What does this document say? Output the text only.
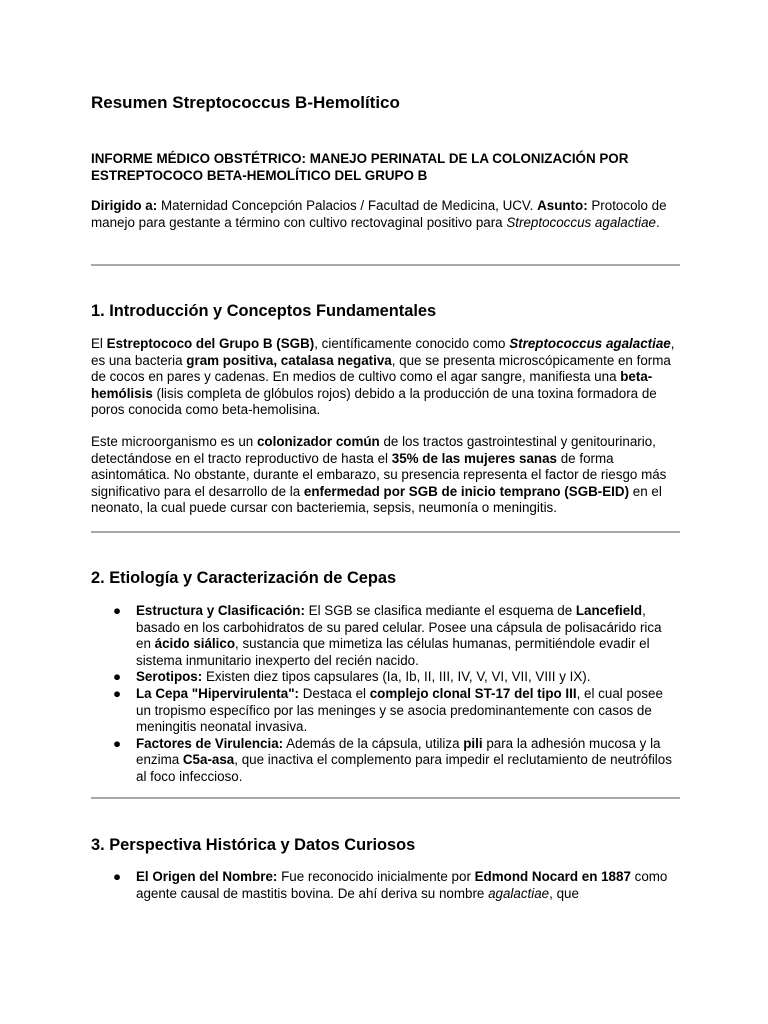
Resumen Streptococcus B-Hemolítico

INFORME MÉDICO OBSTÉTRICO: MANEJO PERINATAL DE LA COLONIZACIÓN POR ESTREPTOCOCO BETA-HEMOLÍTICO DEL GRUPO B

Dirigido a: Maternidad Concepción Palacios / Facultad de Medicina, UCV. Asunto: Protocolo de manejo para gestante a término con cultivo rectovaginal positivo para Streptococcus agalactiae.

1. Introducción y Conceptos Fundamentales

El Estreptococo del Grupo B (SGB), científicamente conocido como Streptococcus agalactiae, es una bacteria gram positiva, catalasa negativa, que se presenta microscópicamente en forma de cocos en pares y cadenas. En medios de cultivo como el agar sangre, manifiesta una beta-hemólisis (lisis completa de glóbulos rojos) debido a la producción de una toxina formadora de poros conocida como beta-hemolisina.

Este microorganismo es un colonizador común de los tractos gastrointestinal y genitourinario, detectándose en el tracto reproductivo de hasta el 35% de las mujeres sanas de forma asintomática. No obstante, durante el embarazo, su presencia representa el factor de riesgo más significativo para el desarrollo de la enfermedad por SGB de inicio temprano (SGB-EID) en el neonato, la cual puede cursar con bacteriemia, sepsis, neumonía o meningitis.

2. Etiología y Caracterización de Cepas
● Estructura y Clasificación: El SGB se clasifica mediante el esquema de Lancefield, basado en los carbohidratos de su pared celular. Posee una cápsula de polisacárido rica en ácido siálico, sustancia que mimetiza las células humanas, permitiéndole evadir el sistema inmunitario inexperto del recién nacido.
● Serotipos: Existen diez tipos capsulares (Ia, Ib, II, III, IV, V, VI, VII, VIII y IX).
● La Cepa "Hipervirulenta": Destaca el complejo clonal ST-17 del tipo III, el cual posee un tropismo específico por las meninges y se asocia predominantemente con casos de meningitis neonatal invasiva.
● Factores de Virulencia: Además de la cápsula, utiliza pili para la adhesión mucosa y la enzima C5a-asa, que inactiva el complemento para impedir el reclutamiento de neutrófilos al foco infeccioso.
3. Perspectiva Histórica y Datos Curiosos
● El Origen del Nombre: Fue reconocido inicialmente por Edmond Nocard en 1887 como agente causal de mastitis bovina. De ahí deriva su nombre agalactiae, que
